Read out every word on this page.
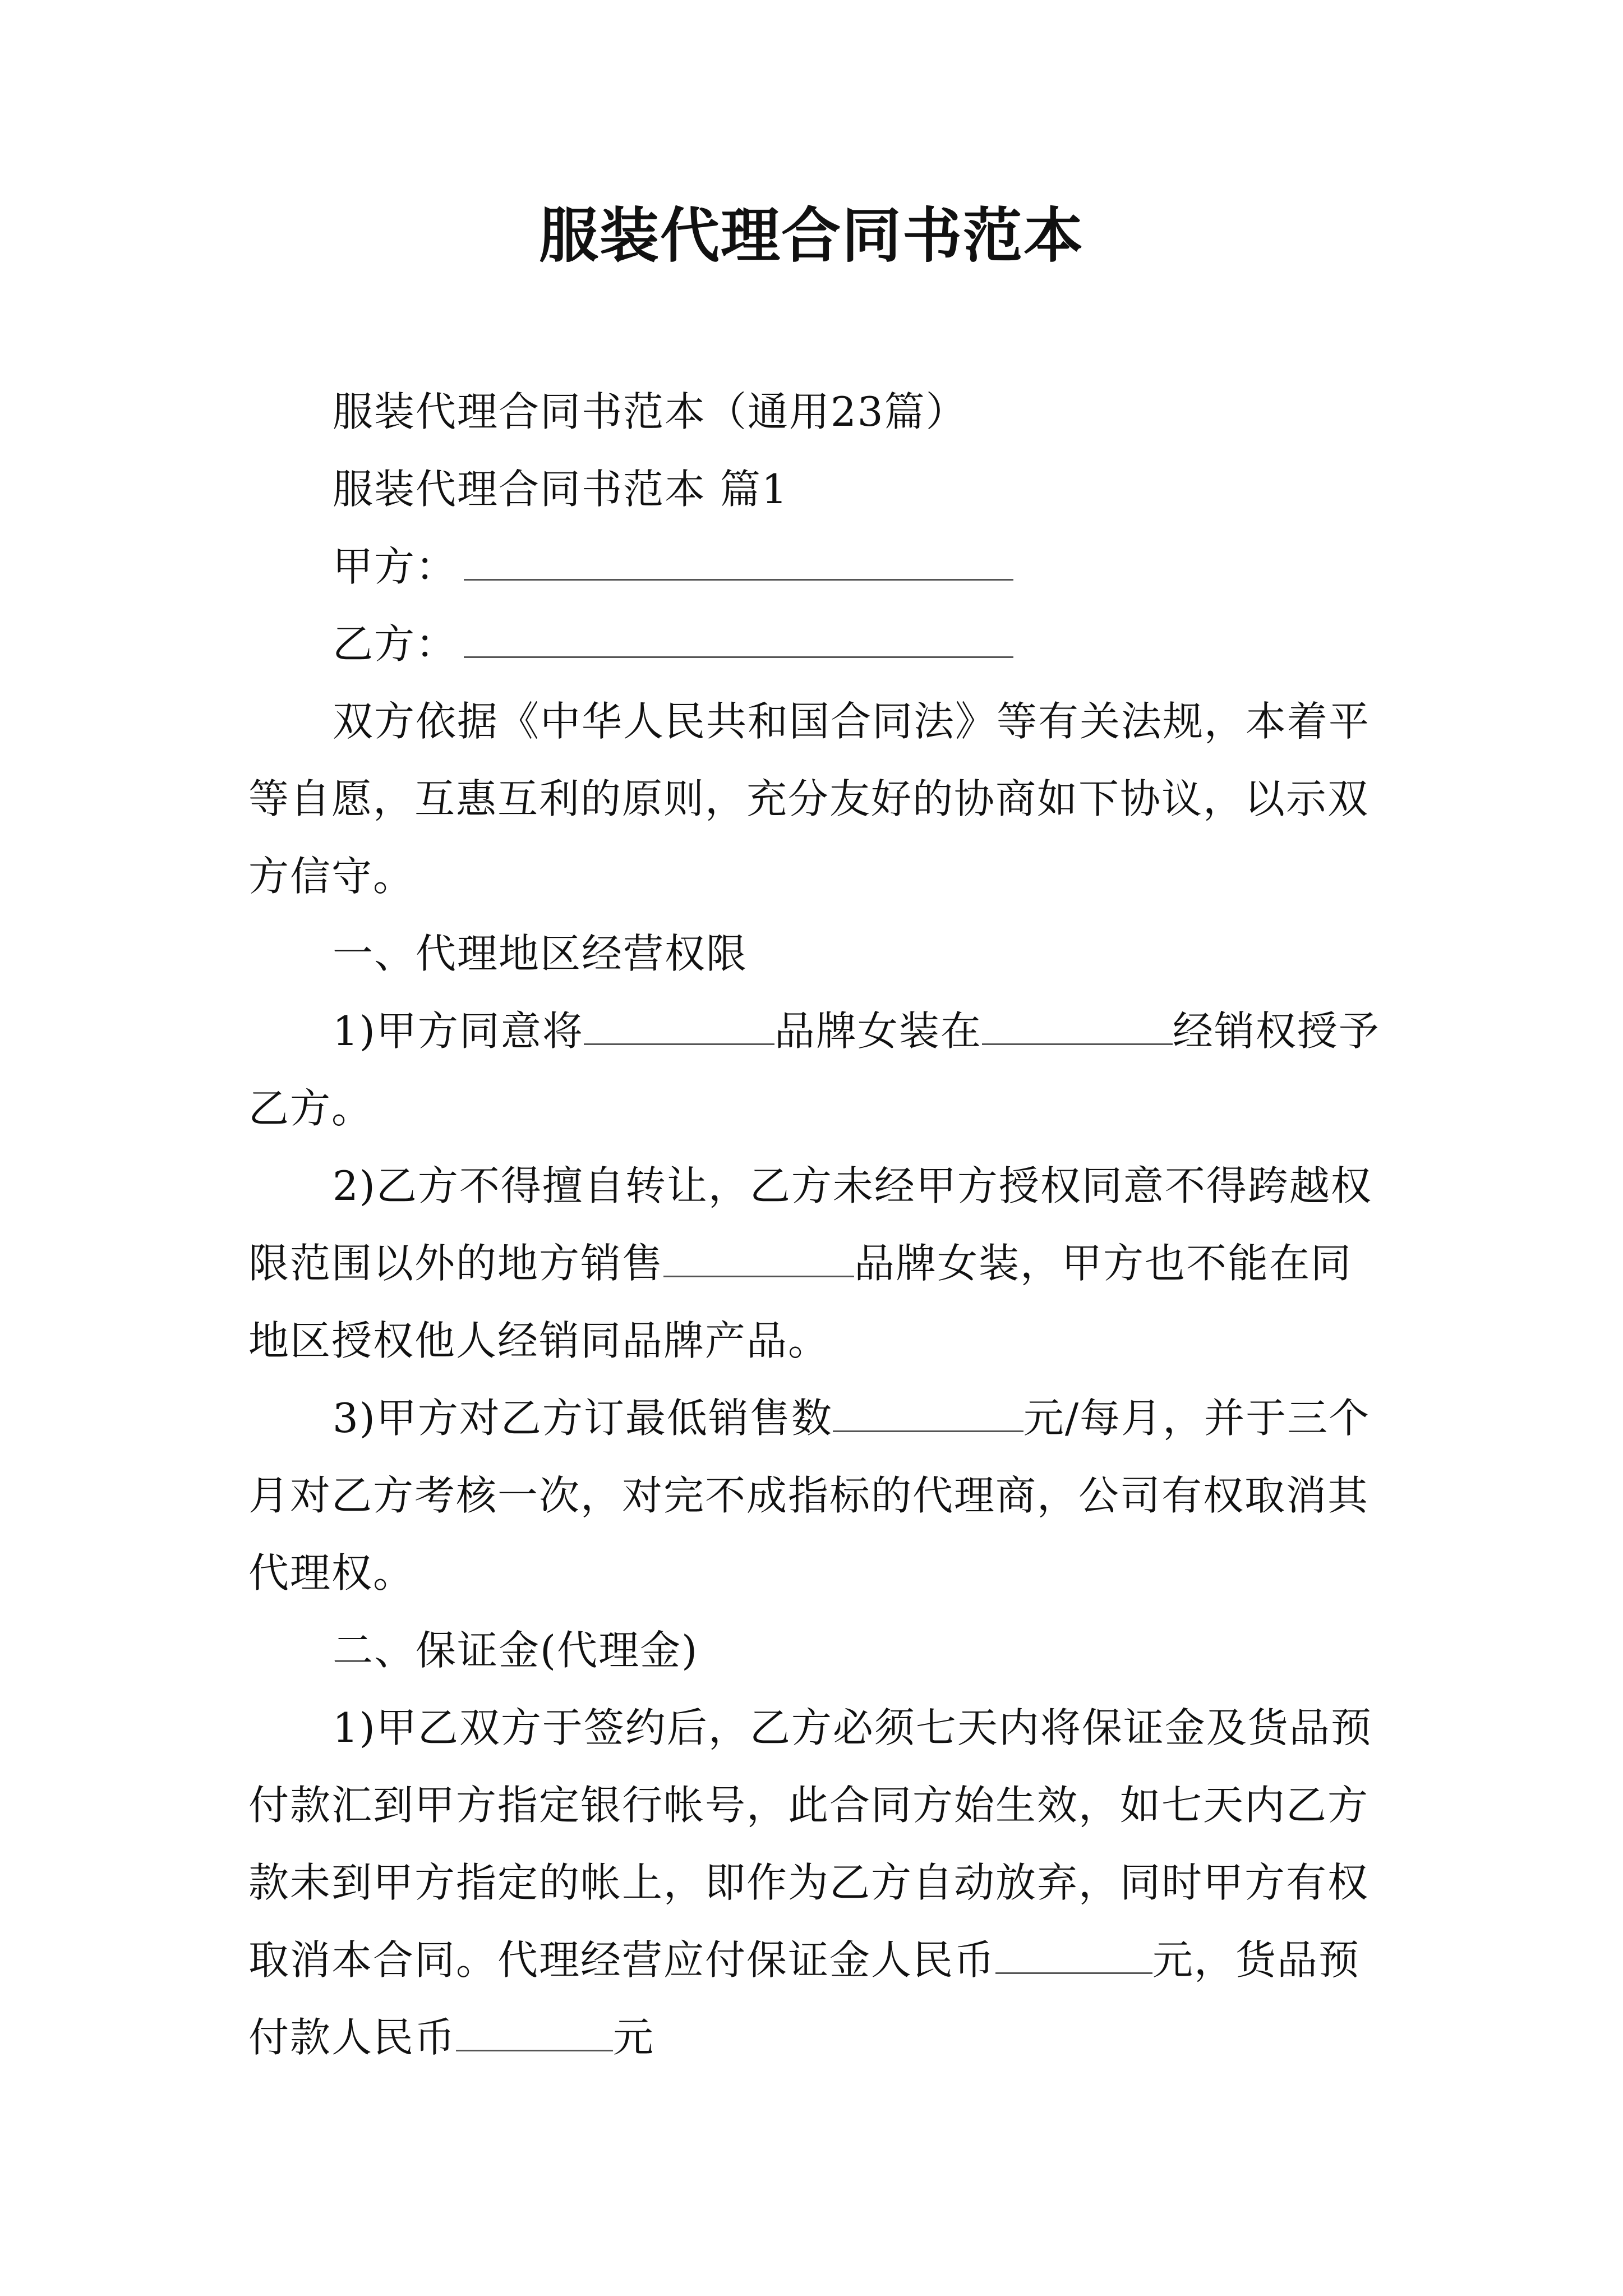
服装代理合同书范本

服装代理合同书范本（通用23篇）

服装代理合同书范本 篇1

甲方：

乙方：

双方依据《中华人民共和国合同法》等有关法规，本着平等自愿，互惠互利的原则，充分友好的协商如下协议，以示双方信守。

一、代理地区经营权限

1)甲方同意将	品牌女装在	经销权授予乙方。

2)乙方不得擅自转让，乙方未经甲方授权同意不得跨越权限范围以外的地方销售	品牌女装，甲方也不能在同地区授权他人经销同品牌产品。

3)甲方对乙方订最低销售数	元/每月，并于三个月对乙方考核一次，对完不成指标的代理商，公司有权取消其代理权。

二、保证金(代理金)

1)甲乙双方于签约后，乙方必须七天内将保证金及货品预付款汇到甲方指定银行帐号，此合同方始生效，如七天内乙方款未到甲方指定的帐上，即作为乙方自动放弃，同时甲方有权取消本合同。代理经营应付保证金人民币	元，货品预付款人民币	元
